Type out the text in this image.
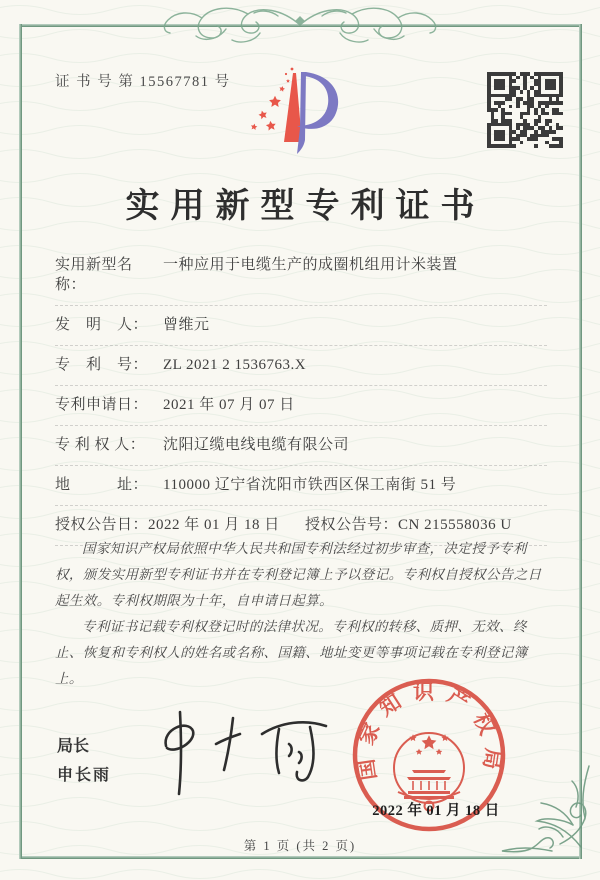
证 书 号 第 15567781 号
实用新型专利证书
实用新型名称：
一种应用于电缆生产的成圈机组用计米装置
发　明　人： 曾维元
专　利　号： ZL 2021 2 1536763.X
专利申请日： 2021 年 07 月 07 日
专 利 权 人：	沈阳辽缆电线电缆有限公司
地　　　址： 110000 辽宁省沈阳市铁西区保工南街 51 号
授权公告日： 2022 年 01 月 18 日 授权公告号： CN 215558036 U

国家知识产权局依照中华人民共和国专利法经过初步审查，决定授予专利权，颁发实用新型专利证书并在专利登记簿上予以登记。专利权自授权公告之日起生效。专利权期限为十年，自申请日起算。

专利证书记载专利权登记时的法律状况。专利权的转移、质押、无效、终止、恢复和专利权人的姓名或名称、国籍、地址变更等事项记载在专利登记簿上。

局长
申长雨	国家知识产权局
2022 年 01 月 18 日
第 1 页 (共 2 页)
